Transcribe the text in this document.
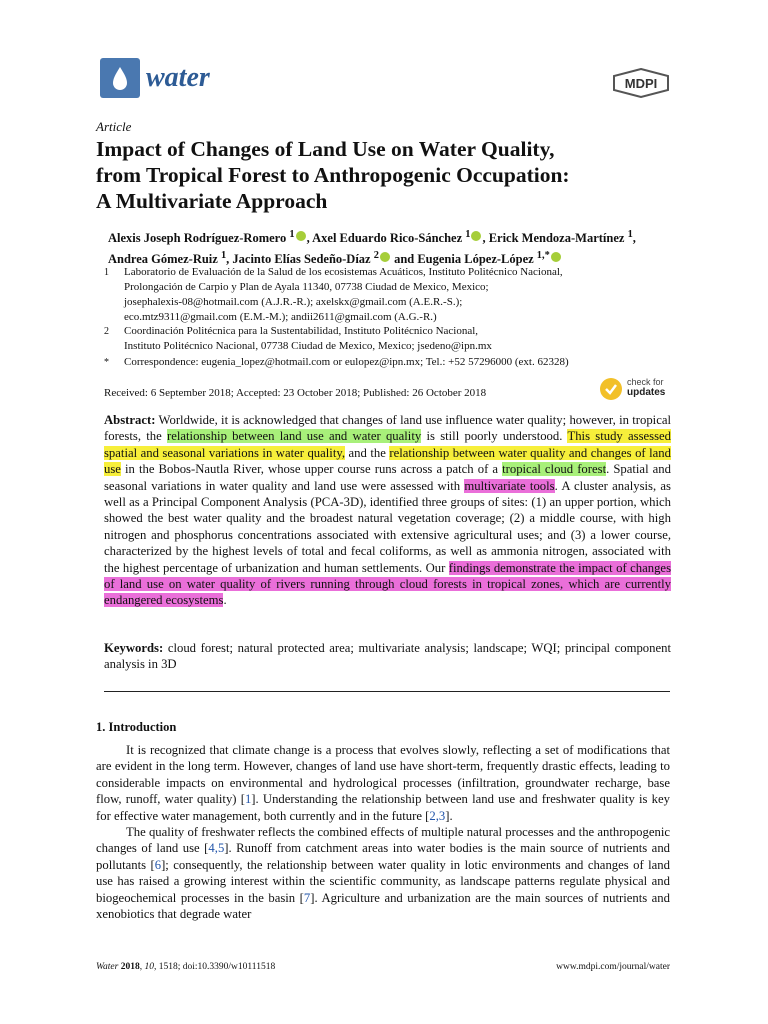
water	MDPI
Article
Impact of Changes of Land Use on Water Quality,
from Tropical Forest to Anthropogenic Occupation:
A Multivariate Approach
Alexis Joseph Rodríguez-Romero $^1$ , Axel Eduardo Rico-Sánchez $^1$ , Erick Mendoza-Martínez $^1$,
Andrea Gómez-Ruiz $^1$, Jacinto Elías Sedeño-Díaz $^2$ and Eugenia López-López $^{1,*}$
1 Laboratorio de Evaluación de la Salud de los ecosistemas Acuáticos, Instituto Politécnico Nacional,
Prolongación de Carpio y Plan de Ayala 11340, 07738 Ciudad de Mexico, Mexico;
josephalexis-08@hotmail.com (A.J.R.-R.); axelskx@gmail.com (A.E.R.-S.);
eco.mtz9311@gmail.com (E.M.-M.); andii2611@gmail.com (A.G.-R.)
2 Coordinación Politécnica para la Sustentabilidad, Instituto Politécnico Nacional,
Instituto Politécnico Nacional, 07738 Ciudad de Mexico, Mexico; jsedeno@ipn.mx
* Correspondence: eugenia_lopez@hotmail.com or eulopez@ipn.mx; Tel.: +52 57296000 (ext. 62328)
Received: 6 September 2018; Accepted: 23 October 2018; Published: 26 October 2018
check for
updates
Abstract: Worldwide, it is acknowledged that changes of land use influence water quality; however, in tropical forests, the relationship between land use and water quality is still poorly understood. This study assessed spatial and seasonal variations in water quality, and the relationship between water quality and changes of land use in the Bobos-Nautla River, whose upper course runs across a patch of a tropical cloud forest. Spatial and seasonal variations in water quality and land use were assessed with multivariate tools. A cluster analysis, as well as a Principal Component Analysis (PCA-3D), identified three groups of sites: (1) an upper portion, which showed the best water quality and the broadest natural vegetation coverage; (2) a middle course, with high nitrogen and phosphorus concentrations associated with extensive agricultural uses; and (3) a lower course, characterized by the highest levels of total and fecal coliforms, as well as ammonia nitrogen, associated with the highest percentage of urbanization and human settlements. Our findings demonstrate the impact of changes of land use on water quality of rivers running through cloud forests in tropical zones, which are currently endangered ecosystems.
Keywords: cloud forest; natural protected area; multivariate analysis; landscape; WQI; principal component analysis in 3D
1. Introduction

It is recognized that climate change is a process that evolves slowly, reflecting a set of modifications that are evident in the long term. However, changes of land use have short-term, frequently drastic effects, leading to considerable impacts on environmental and hydrological processes (infiltration, groundwater recharge, base flow, runoff, water quality) [1]. Understanding the relationship between land use and freshwater quality is key for effective water management, both currently and in the future [2,3].

The quality of freshwater reflects the combined effects of multiple natural processes and the anthropogenic changes of land use [4,5]. Runoff from catchment areas into water bodies is the main source of nutrients and pollutants [6]; consequently, the relationship between water quality in lotic environments and changes of land use has raised a growing interest within the scientific community, as landscape patterns regulate physical and biogeochemical processes in the basin [7]. Agriculture and urbanization are the main sources of nutrients and xenobiotics that degrade water

Water 2018, 10, 1518; doi:10.3390/w10111518	www.mdpi.com/journal/water
